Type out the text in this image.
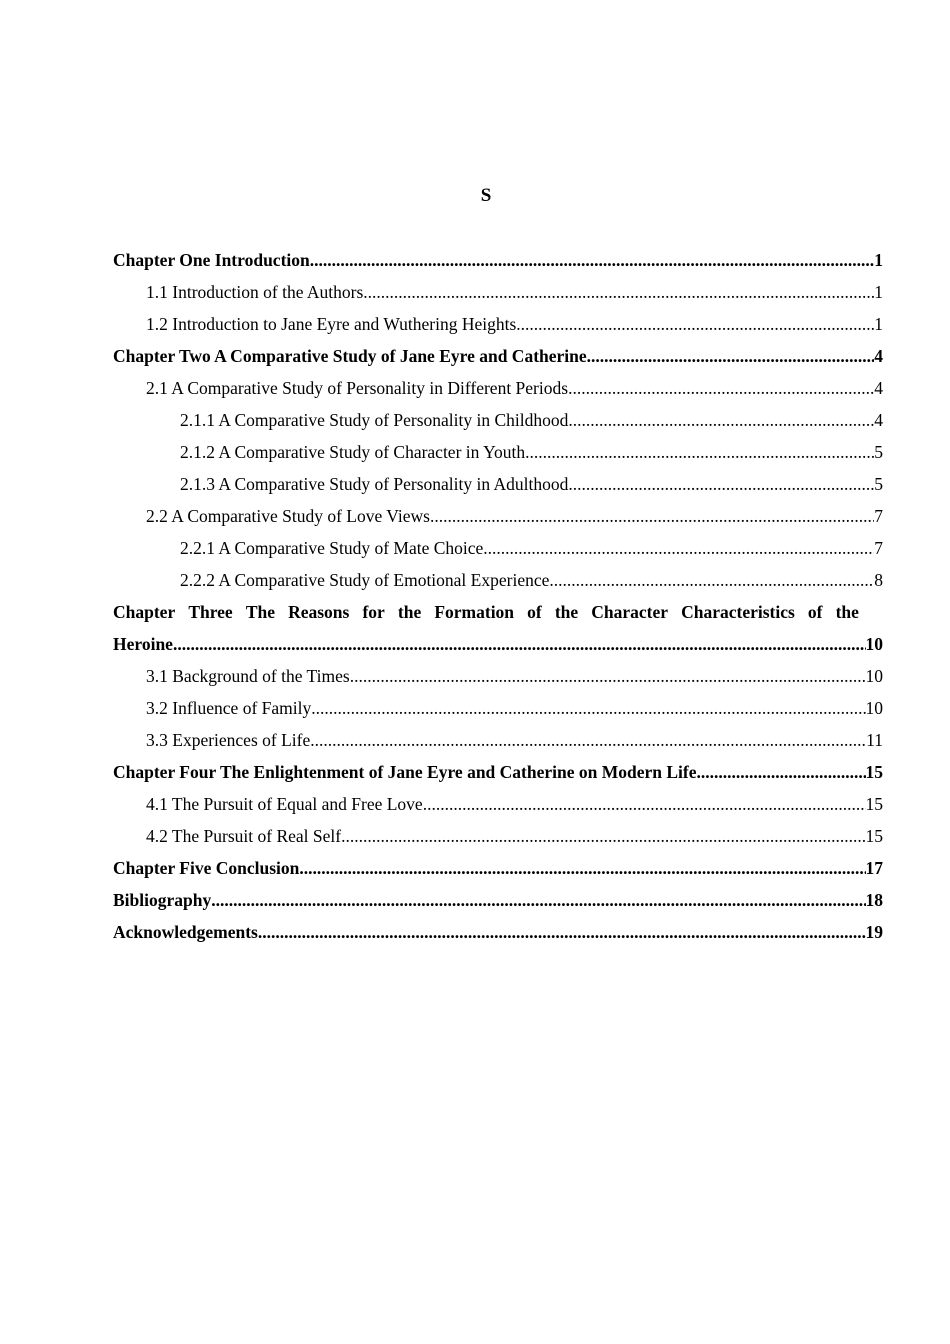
S
Chapter One Introduction .....	1
1.1 Introduction of the Authors .....	1
1.2 Introduction to Jane Eyre and Wuthering Heights .....	1
Chapter Two A Comparative Study of Jane Eyre and Catherine .....	4
2.1 A Comparative Study of Personality in Different Periods .....	4
2.1.1 A Comparative Study of Personality in Childhood .....	4
2.1.2 A Comparative Study of Character in Youth .....	5
2.1.3 A Comparative Study of Personality in Adulthood .....	5
2.2 A Comparative Study of Love Views .....	7
2.2.1 A Comparative Study of Mate Choice .....	7
2.2.2 A Comparative Study of Emotional Experience .....	8
Chapter Three The Reasons for the Formation of the Character Characteristics of the
Heroine .....	10
3.1 Background of the Times .....	10
3.2 Influence of Family .....	10
3.3 Experiences of Life .....	11
Chapter Four The Enlightenment of Jane Eyre and Catherine on Modern Life .....	15
4.1 The Pursuit of Equal and Free Love .....	15
4.2 The Pursuit of Real Self .....	15
Chapter Five Conclusion .....	17
Bibliography .....	18
Acknowledgements .....	19
